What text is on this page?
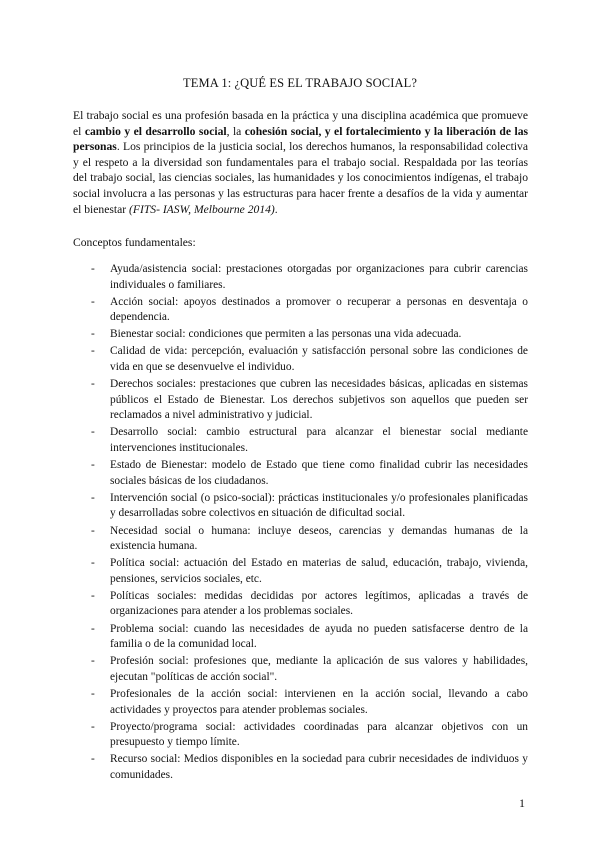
TEMA 1: ¿QUÉ ES EL TRABAJO SOCIAL?

El trabajo social es una profesión basada en la práctica y una disciplina académica que promueve el cambio y el desarrollo social, la cohesión social, y el fortalecimiento y la liberación de las personas. Los principios de la justicia social, los derechos humanos, la responsabilidad colectiva y el respeto a la diversidad son fundamentales para el trabajo social. Respaldada por las teorías del trabajo social, las ciencias sociales, las humanidades y los conocimientos indígenas, el trabajo social involucra a las personas y las estructuras para hacer frente a desafíos de la vida y aumentar el bienestar (FITS- IASW, Melbourne 2014).

Conceptos fundamentales:

- Ayuda/asistencia social: prestaciones otorgadas por organizaciones para cubrir carencias individuales o familiares.
- Acción social: apoyos destinados a promover o recuperar a personas en desventaja o dependencia.
- Bienestar social: condiciones que permiten a las personas una vida adecuada.
- Calidad de vida: percepción, evaluación y satisfacción personal sobre las condiciones de vida en que se desenvuelve el individuo.
- Derechos sociales: prestaciones que cubren las necesidades básicas, aplicadas en sistemas públicos el Estado de Bienestar. Los derechos subjetivos son aquellos que pueden ser reclamados a nivel administrativo y judicial.
- Desarrollo social: cambio estructural para alcanzar el bienestar social mediante intervenciones institucionales.
- Estado de Bienestar: modelo de Estado que tiene como finalidad cubrir las necesidades sociales básicas de los ciudadanos.
- Intervención social (o psico-social): prácticas institucionales y/o profesionales planificadas y desarrolladas sobre colectivos en situación de dificultad social.
- Necesidad social o humana: incluye deseos, carencias y demandas humanas de la existencia humana.
- Política social: actuación del Estado en materias de salud, educación, trabajo, vivienda, pensiones, servicios sociales, etc.
- Políticas sociales: medidas decididas por actores legítimos, aplicadas a través de organizaciones para atender a los problemas sociales.
- Problema social: cuando las necesidades de ayuda no pueden satisfacerse dentro de la familia o de la comunidad local.
- Profesión social: profesiones que, mediante la aplicación de sus valores y habilidades, ejecutan "políticas de acción social".
- Profesionales de la acción social: intervienen en la acción social, llevando a cabo actividades y proyectos para atender problemas sociales.
- Proyecto/programa social: actividades coordinadas para alcanzar objetivos con un presupuesto y tiempo límite.
- Recurso social: Medios disponibles en la sociedad para cubrir necesidades de individuos y comunidades.
1
